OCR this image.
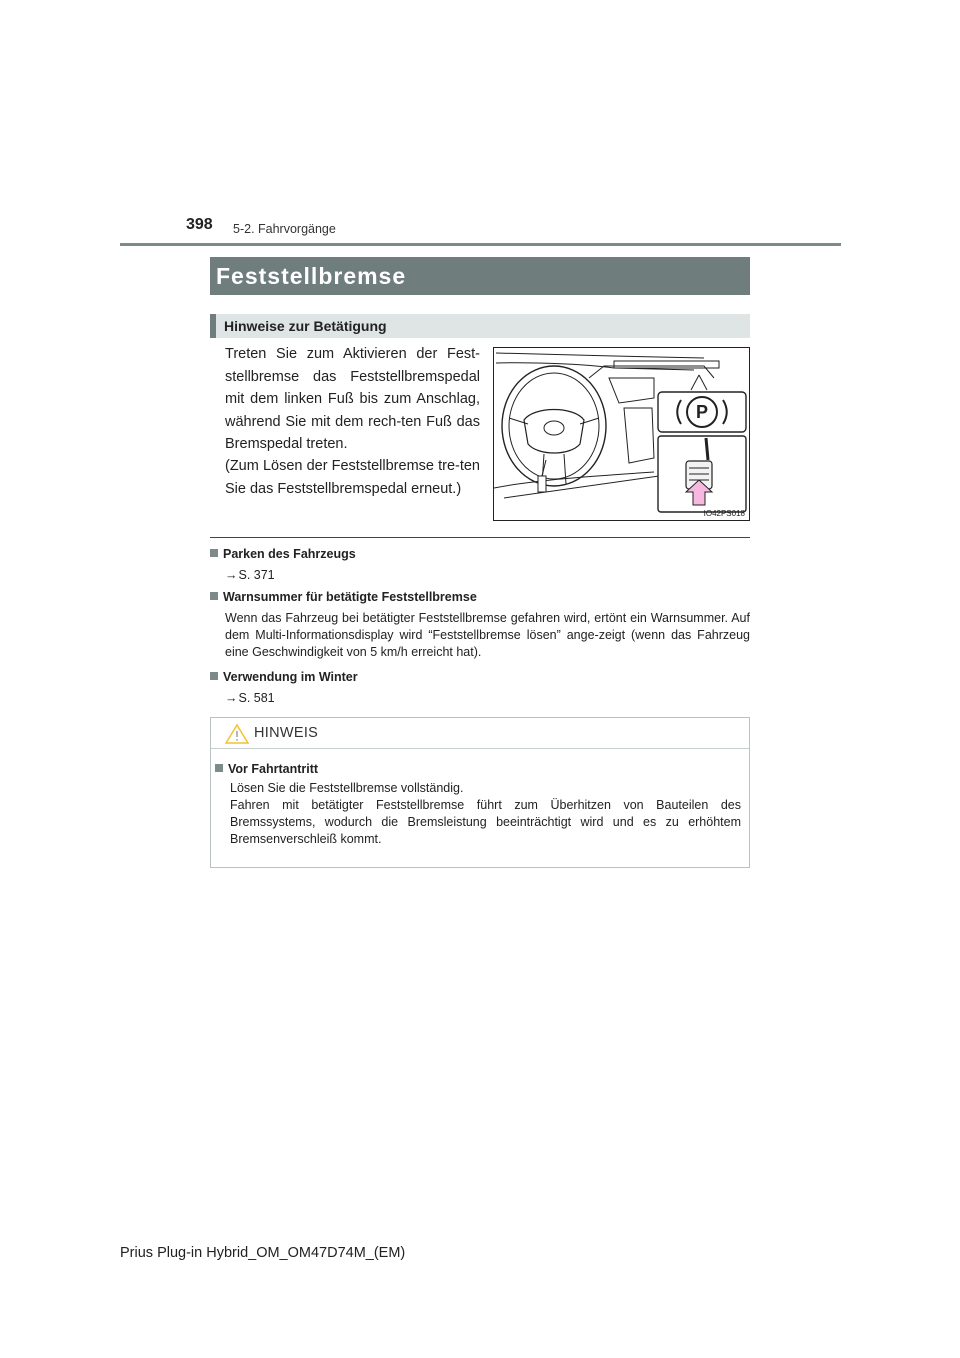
398 5-2. Fahrvorgänge
Feststellbremse
Hinweise zur Betätigung

Treten Sie zum Aktivieren der Fest-stellbremse das Feststellbremspedal mit dem linken Fuß bis zum Anschlag, während Sie mit dem rech-ten Fuß das Bremspedal treten.

(Zum Lösen der Feststellbremse tre-ten Sie das Feststellbremspedal erneut.)

P
IO42PS018
Parken des Fahrzeugs
→S. 371
Warnsummer für betätigte Feststellbremse
Wenn das Fahrzeug bei betätigter Feststellbremse gefahren wird, ertönt ein Warnsummer. Auf dem Multi-Informationsdisplay wird “Feststellbremse lösen” ange-zeigt (wenn das Fahrzeug eine Geschwindigkeit von 5 km/h erreicht hat).
Verwendung im Winter
→S. 581
HINWEIS
Vor Fahrtantritt
Lösen Sie die Feststellbremse vollständig.
Fahren mit betätigter Feststellbremse führt zum Überhitzen von Bauteilen des Bremssystems, wodurch die Bremsleistung beeinträchtigt wird und es zu erhöhtem Bremsenverschleiß kommt.
Prius Plug-in Hybrid_OM_OM47D74M_(EM)
